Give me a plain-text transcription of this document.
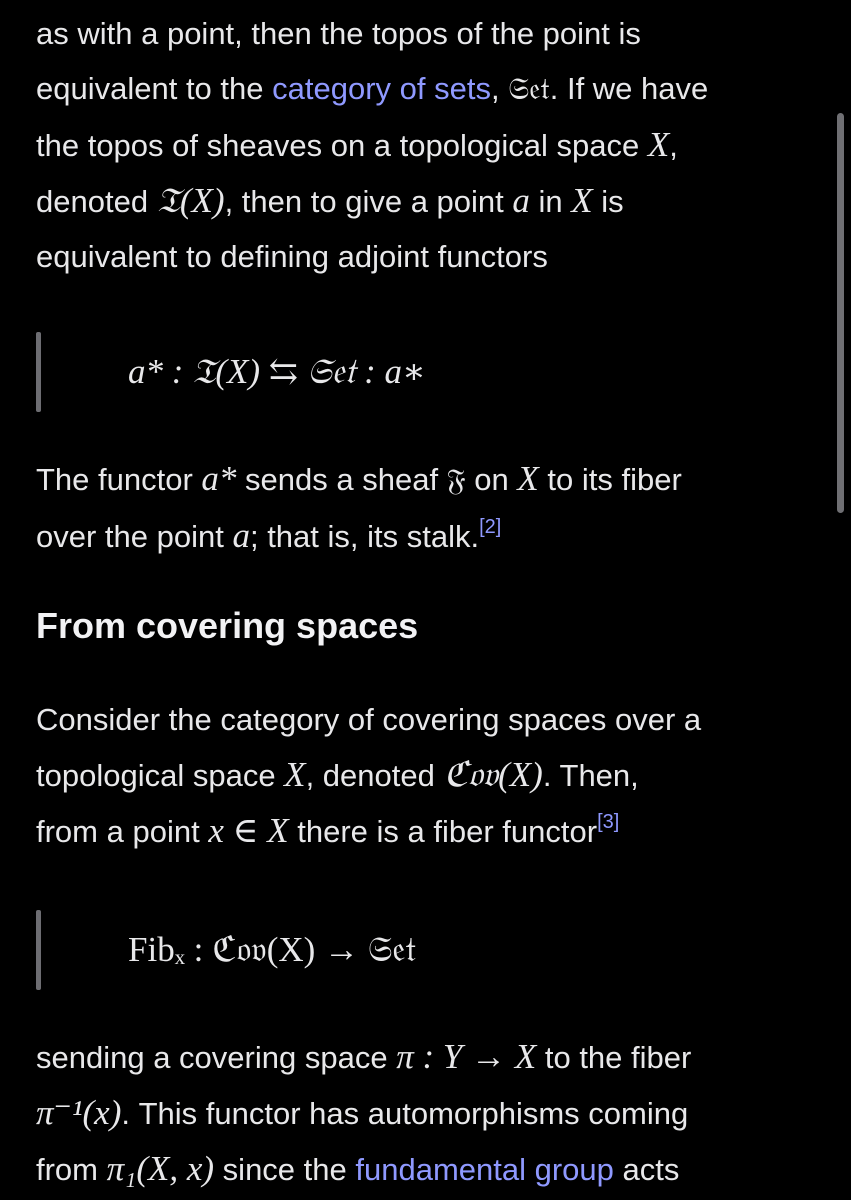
as with a point, then the topos of the point is

equivalent to the category of sets, 𝔖𝔢𝔱. If we have

the topos of sheaves on a topological space X,

denoted 𝔗(X), then to give a point a in X is

equivalent to defining adjoint functors

a* : 𝔗(X) ⇆ 𝔖𝔢𝔱 : a∗

The functor a* sends a sheaf 𝔉 on X to its fiber

over the point a; that is, its stalk.[2]

From covering spaces

Consider the category of covering spaces over a

topological space X, denoted ℭ𝔬𝔳(X). Then,

from a point x ∈ X there is a fiber functor[3]

Fibₓ : ℭ𝔬𝔳(X) → 𝔖𝔢𝔱

sending a covering space π : Y → X to the fiber

π⁻¹(x). This functor has automorphisms coming

from π₁(X, x) since the fundamental group acts
